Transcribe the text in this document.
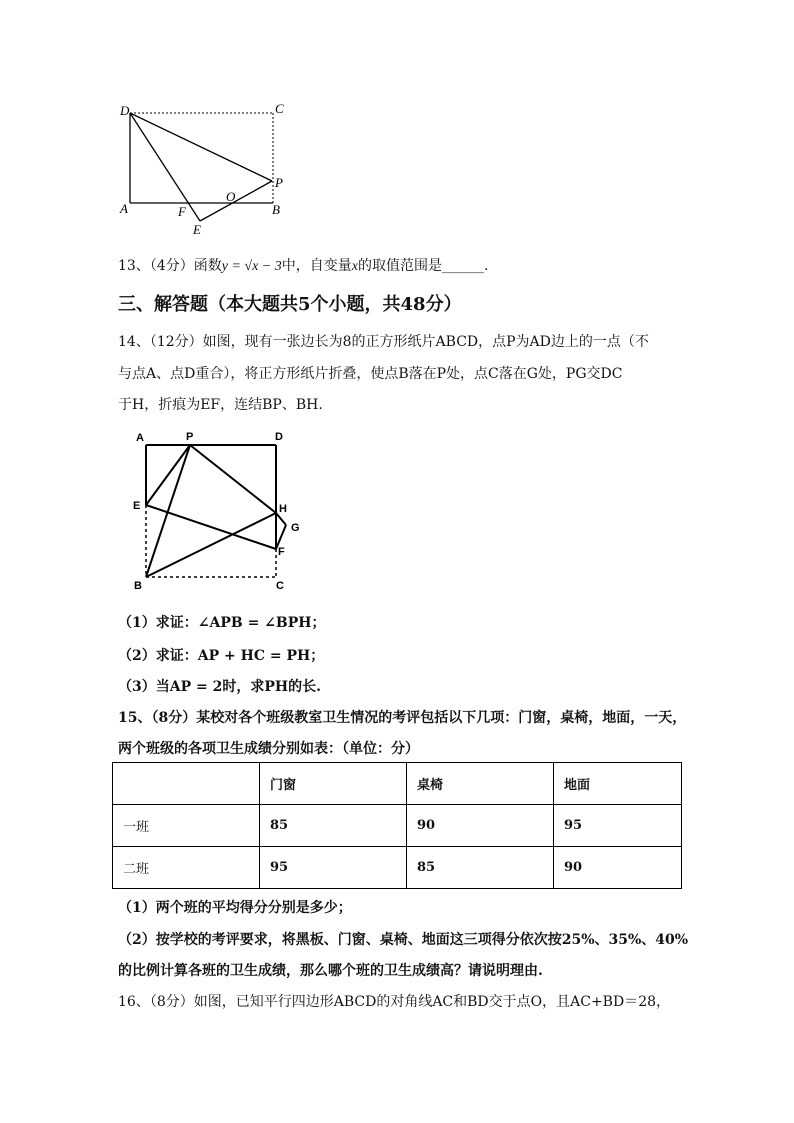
D	C
P
A	F
O
B
E
13、（4分）函数y = √x − 3中，自变量x的取值范围是______.
三、解答题（本大题共5个小题，共48分）
14、（12分）如图，现有一张边长为8的正方形纸片ABCD，点P为AD边上的一点（不
与点A、点D重合），将正方形纸片折叠，使点B落在P处，点C落在G处，PG交DC
于H，折痕为EF，连结BP、BH.
A	P	D
E	H
G
F
B	C
（1）求证：∠APB = ∠BPH；
（2）求证：AP + HC = PH；
（3）当AP = 2时，求PH的长.
15、（8分）某校对各个班级教室卫生情况的考评包括以下几项：门窗，桌椅，地面，一天，
两个班级的各项卫生成绩分别如表：（单位：分）
	门窗	桌椅	地面
一班	85	90	95
二班	95	85	90
（1）两个班的平均得分分别是多少；
（2）按学校的考评要求，将黑板、门窗、桌椅、地面这三项得分依次按25%、35%、40%
的比例计算各班的卫生成绩，那么哪个班的卫生成绩高？请说明理由.
16、（8分）如图，已知平行四边形ABCD的对角线AC和BD交于点O，且AC+BD＝28，
